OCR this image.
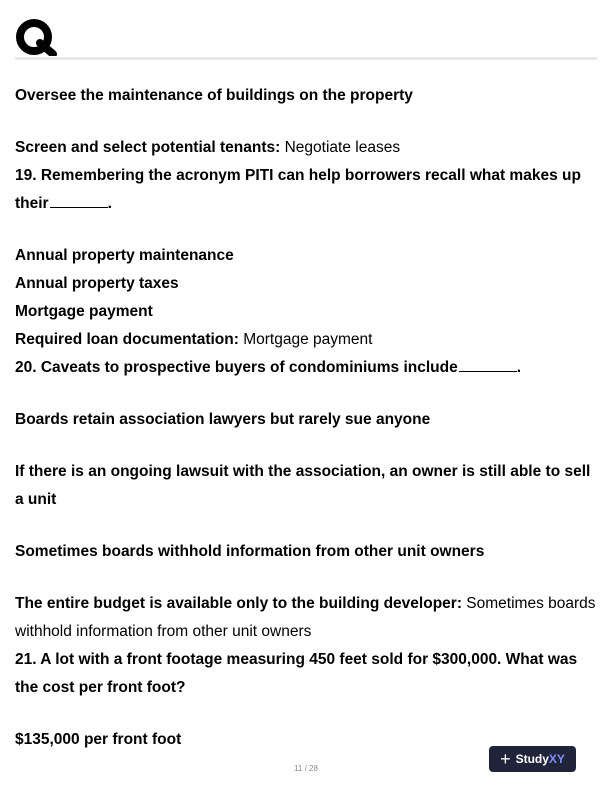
Oversee the maintenance of buildings on the property

Screen and select potential tenants: Negotiate leases

19. Remembering the acronym PITI can help borrowers recall what makes up
their	.

Annual property maintenance

Annual property taxes

Mortgage payment

Required loan documentation: Mortgage payment

20. Caveats to prospective buyers of condominiums include	.

Boards retain association lawyers but rarely sue anyone

If there is an ongoing lawsuit with the association, an owner is still able to sell a unit

Sometimes boards withhold information from other unit owners

The entire budget is available only to the building developer: Sometimes boards withhold information from other unit owners

21. A lot with a front footage measuring 450 feet sold for $300,000. What was the cost per front foot?

$135,000 per front foot

11 / 28	+ Study XY
